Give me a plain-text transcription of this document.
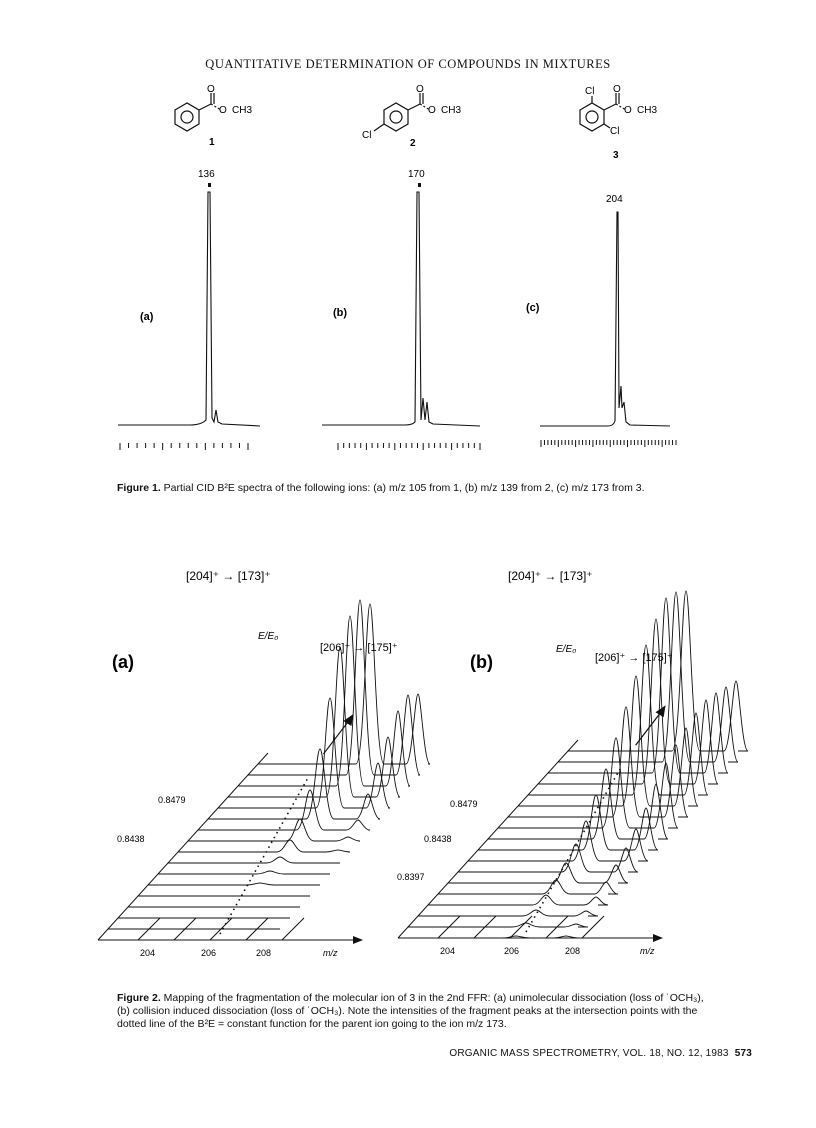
QUANTITATIVE DETERMINATION OF COMPOUNDS IN MIXTURES
O
O CH3
1
O
O CH3
Cl
2
Cl O
O CH3
Cl
3
136	170
204
(a)	(b)	(c)
Figure 1. Partial CID B²E spectra of the following ions: (a) m/z 105 from 1, (b) m/z 139 from 2, (c) m/z 173 from 3.
[204]⁺ → [173]⁺
[206]⁺ → [175]⁺
(a)
E/E₀
0.8479
0.8438
204	206	208	m/z
[204]⁺ → [173]⁺
[206]⁺ → [175]⁺
(b)
E/E₀
0.8479
0.8438
0.8397
204	206	208	m/z
Figure 2. Mapping of the fragmentation of the molecular ion of 3 in the 2nd FFR: (a) unimolecular dissociation (loss of ˙OCH₃), (b) collision induced dissociation (loss of ˙OCH₃). Note the intensities of the fragment peaks at the intersection points with the dotted line of the B²E = constant function for the parent ion going to the ion m/z 173.
ORGANIC MASS SPECTROMETRY, VOL. 18, NO. 12, 1983 573
